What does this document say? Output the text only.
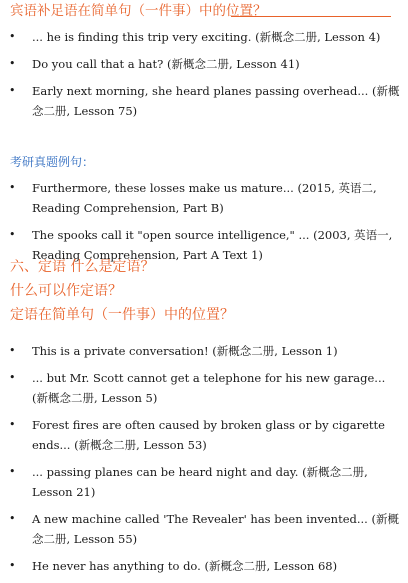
宾语补足语在简单句（一件事）中的位置？
• ... he is finding this trip very exciting. (新概念二册, Lesson 4)
• Do you call that a hat? (新概念二册, Lesson 41)
• Early next morning, she heard planes passing overhead... (新概念二册, Lesson 75)
考研真题例句：
• Furthermore, these losses make us mature... (2015, 英语二, Reading Comprehension, Part B)
• The spooks call it "open source intelligence," ... (2003, 英语一, Reading Comprehension, Part A Text 1)
六、定语 什么是定语？
什么可以作定语？
定语在简单句（一件事）中的位置？
• This is a private conversation! (新概念二册, Lesson 1)
• ... but Mr. Scott cannot get a telephone for his new garage... (新概念二册, Lesson 5)
• Forest fires are often caused by broken glass or by cigarette ends... (新概念二册, Lesson 53)
• ... passing planes can be heard night and day. (新概念二册, Lesson 21)
• A new machine called 'The Revealer' has been invented... (新概念二册, Lesson 55)
• He never has anything to do. (新概念二册, Lesson 68)
